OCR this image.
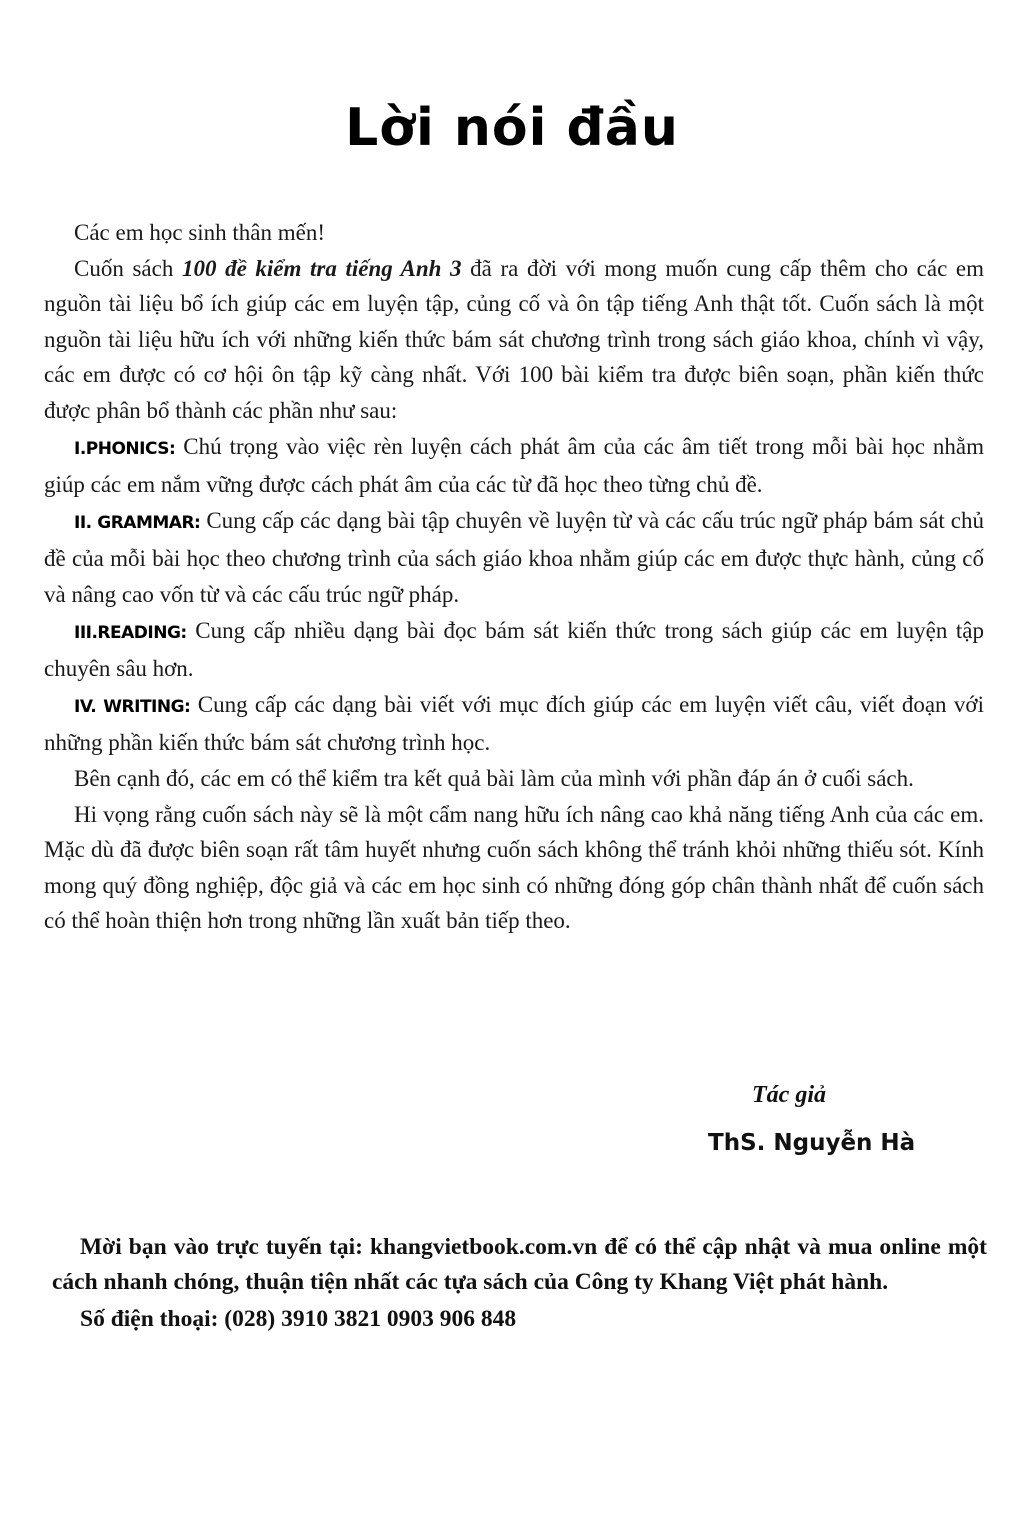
Lời nói đầu

Các em học sinh thân mến!

Cuốn sách 100 đề kiểm tra tiếng Anh 3 đã ra đời với mong muốn cung cấp thêm cho các em nguồn tài liệu bổ ích giúp các em luyện tập, củng cố và ôn tập tiếng Anh thật tốt. Cuốn sách là một nguồn tài liệu hữu ích với những kiến thức bám sát chương trình trong sách giáo khoa, chính vì vậy, các em được có cơ hội ôn tập kỹ càng nhất. Với 100 bài kiểm tra được biên soạn, phần kiến thức được phân bổ thành các phần như sau:

I.PHONICS: Chú trọng vào việc rèn luyện cách phát âm của các âm tiết trong mỗi bài học nhằm giúp các em nắm vững được cách phát âm của các từ đã học theo từng chủ đề.

II. GRAMMAR: Cung cấp các dạng bài tập chuyên về luyện từ và các cấu trúc ngữ pháp bám sát chủ đề của mỗi bài học theo chương trình của sách giáo khoa nhằm giúp các em được thực hành, củng cố và nâng cao vốn từ và các cấu trúc ngữ pháp.

III.READING: Cung cấp nhiều dạng bài đọc bám sát kiến thức trong sách giúp các em luyện tập chuyên sâu hơn.

IV. WRITING: Cung cấp các dạng bài viết với mục đích giúp các em luyện viết câu, viết đoạn với những phần kiến thức bám sát chương trình học.

Bên cạnh đó, các em có thể kiểm tra kết quả bài làm của mình với phần đáp án ở cuối sách.

Hi vọng rằng cuốn sách này sẽ là một cẩm nang hữu ích nâng cao khả năng tiếng Anh của các em. Mặc dù đã được biên soạn rất tâm huyết nhưng cuốn sách không thể tránh khỏi những thiếu sót. Kính mong quý đồng nghiệp, độc giả và các em học sinh có những đóng góp chân thành nhất để cuốn sách có thể hoàn thiện hơn trong những lần xuất bản tiếp theo.

Tác giả
ThS. Nguyễn Hà

Mời bạn vào trực tuyến tại: khangvietbook.com.vn để có thể cập nhật và mua online một cách nhanh chóng, thuận tiện nhất các tựa sách của Công ty Khang Việt phát hành.

Số điện thoại: (028) 3910 3821 0903 906 848
